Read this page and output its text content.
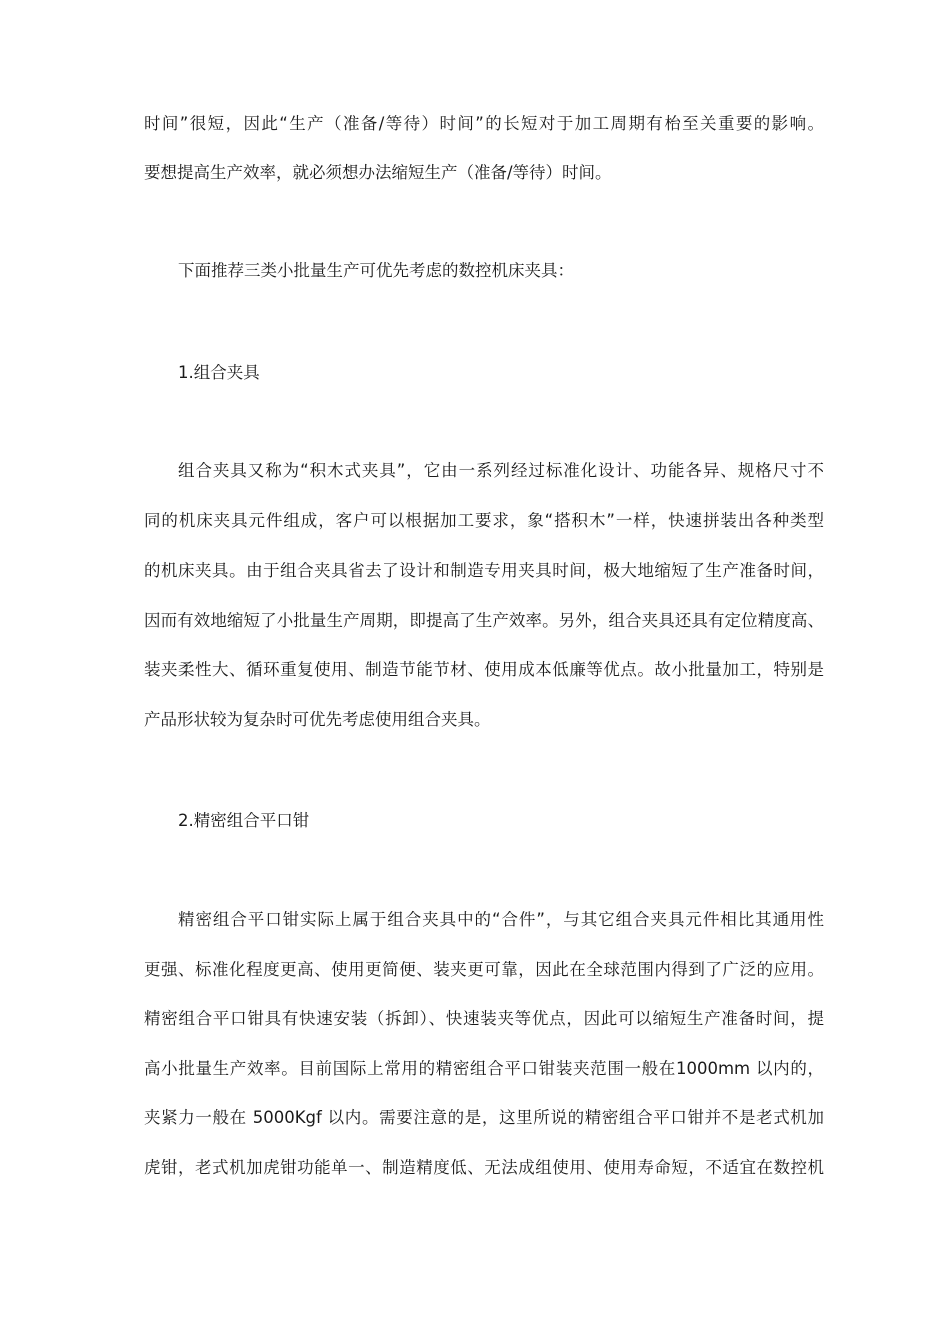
时间”很短，因此“生产（准备/等待）时间”的长短对于加工周期有枱至关重要的影响。
要想提高生产效率，就必须想办法缩短生产（准备/等待）时间。
下面推荐三类小批量生产可优先考虑的数控机床夹具：
1.组合夹具
组合夹具又称为“积木式夹具”，它由一系列经过标准化设计、功能各异、规格尺寸不
同的机床夹具元件组成，客户可以根据加工要求，象“搭积木”一样，快速拼装出各种类型
的机床夹具。由于组合夹具省去了设计和制造专用夹具时间，极大地缩短了生产准备时间，
因而有效地缩短了小批量生产周期，即提高了生产效率。另外，组合夹具还具有定位精度高、
装夹柔性大、循环重复使用、制造节能节材、使用成本低廉等优点。故小批量加工，特别是
产品形状较为复杂时可优先考虑使用组合夹具。
2.精密组合平口钳
精密组合平口钳实际上属于组合夹具中的“合件”，与其它组合夹具元件相比其通用性
更强、标准化程度更高、使用更简便、装夹更可靠，因此在全球范围内得到了广泛的应用。
精密组合平口钳具有快速安装（拆卸）、快速装夹等优点，因此可以缩短生产准备时间，提
高小批量生产效率。目前国际上常用的精密组合平口钳装夹范围一般在1000mm 以内的，
夹紧力一般在 5000Kgf 以内。需要注意的是，这里所说的精密组合平口钳并不是老式机加
虎钳，老式机加虎钳功能单一、制造精度低、无法成组使用、使用寿命短，不适宜在数控机
